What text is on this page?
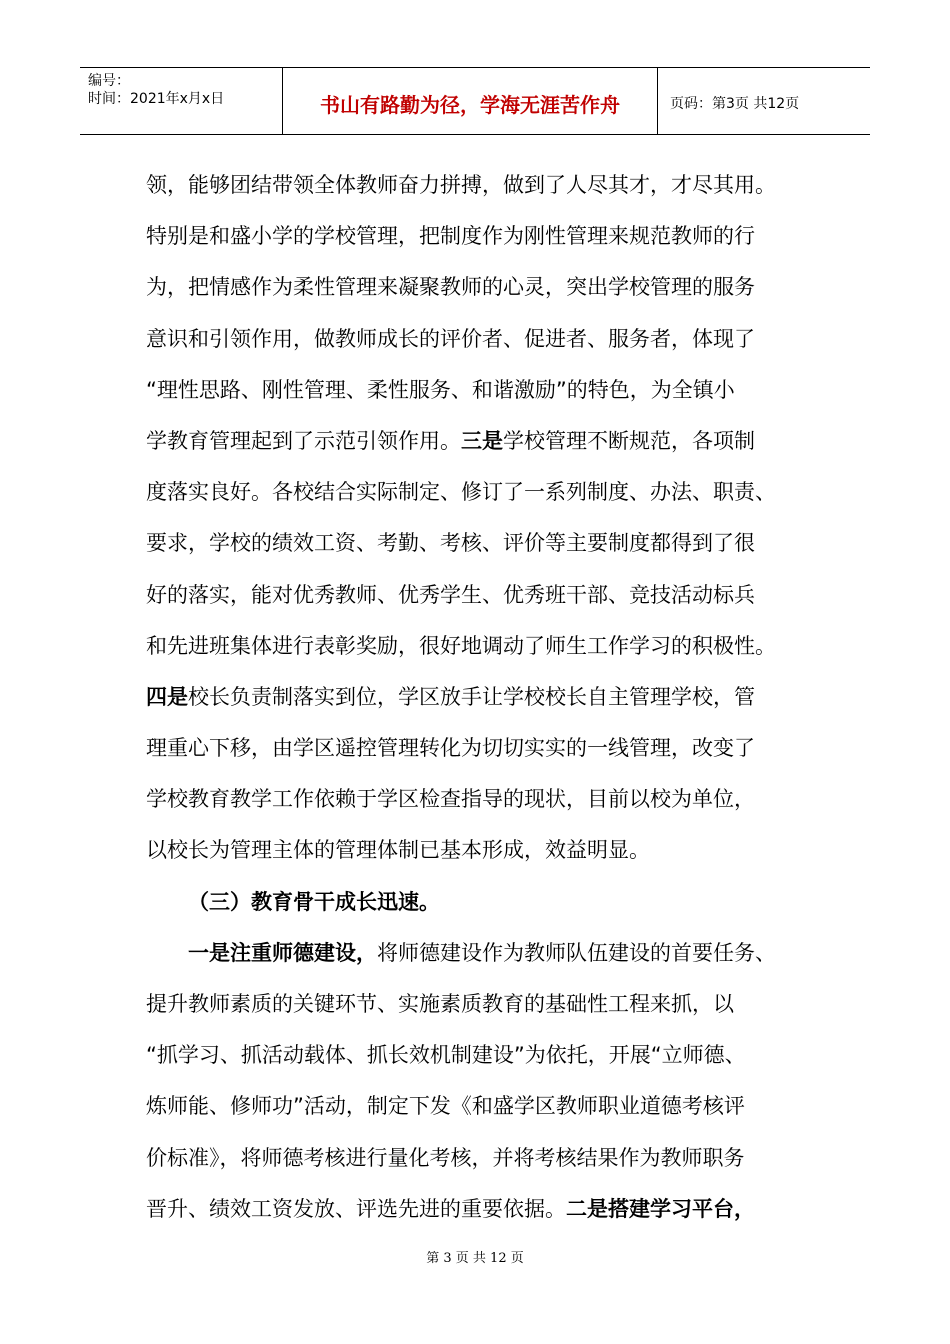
编号：
时间：2021年x月x日	书山有路勤为径，学海无涯苦作舟	页码：第3页 共12页
领，能够团结带领全体教师奋力拼搏，做到了人尽其才，才尽其用。
特别是和盛小学的学校管理，把制度作为刚性管理来规范教师的行
为，把情感作为柔性管理来凝聚教师的心灵，突出学校管理的服务
意识和引领作用，做教师成长的评价者、促进者、服务者，体现了
“理性思路、刚性管理、柔性服务、和谐激励”的特色，为全镇小
学教育管理起到了示范引领作用。三是学校管理不断规范，各项制
度落实良好。各校结合实际制定、修订了一系列制度、办法、职责、
要求，学校的绩效工资、考勤、考核、评价等主要制度都得到了很
好的落实，能对优秀教师、优秀学生、优秀班干部、竞技活动标兵
和先进班集体进行表彰奖励，很好地调动了师生工作学习的积极性。
四是校长负责制落实到位，学区放手让学校校长自主管理学校，管
理重心下移，由学区遥控管理转化为切切实实的一线管理，改变了
学校教育教学工作依赖于学区检查指导的现状，目前以校为单位，
以校长为管理主体的管理体制已基本形成，效益明显。
（三）教育骨干成长迅速。
一是注重师德建设，将师德建设作为教师队伍建设的首要任务、
提升教师素质的关键环节、实施素质教育的基础性工程来抓，以
“抓学习、抓活动载体、抓长效机制建设”为依托，开展“立师德、
炼师能、修师功”活动，制定下发《和盛学区教师职业道德考核评
价标准》，将师德考核进行量化考核，并将考核结果作为教师职务
晋升、绩效工资发放、评选先进的重要依据。二是搭建学习平台，
第 3 页 共 12 页
